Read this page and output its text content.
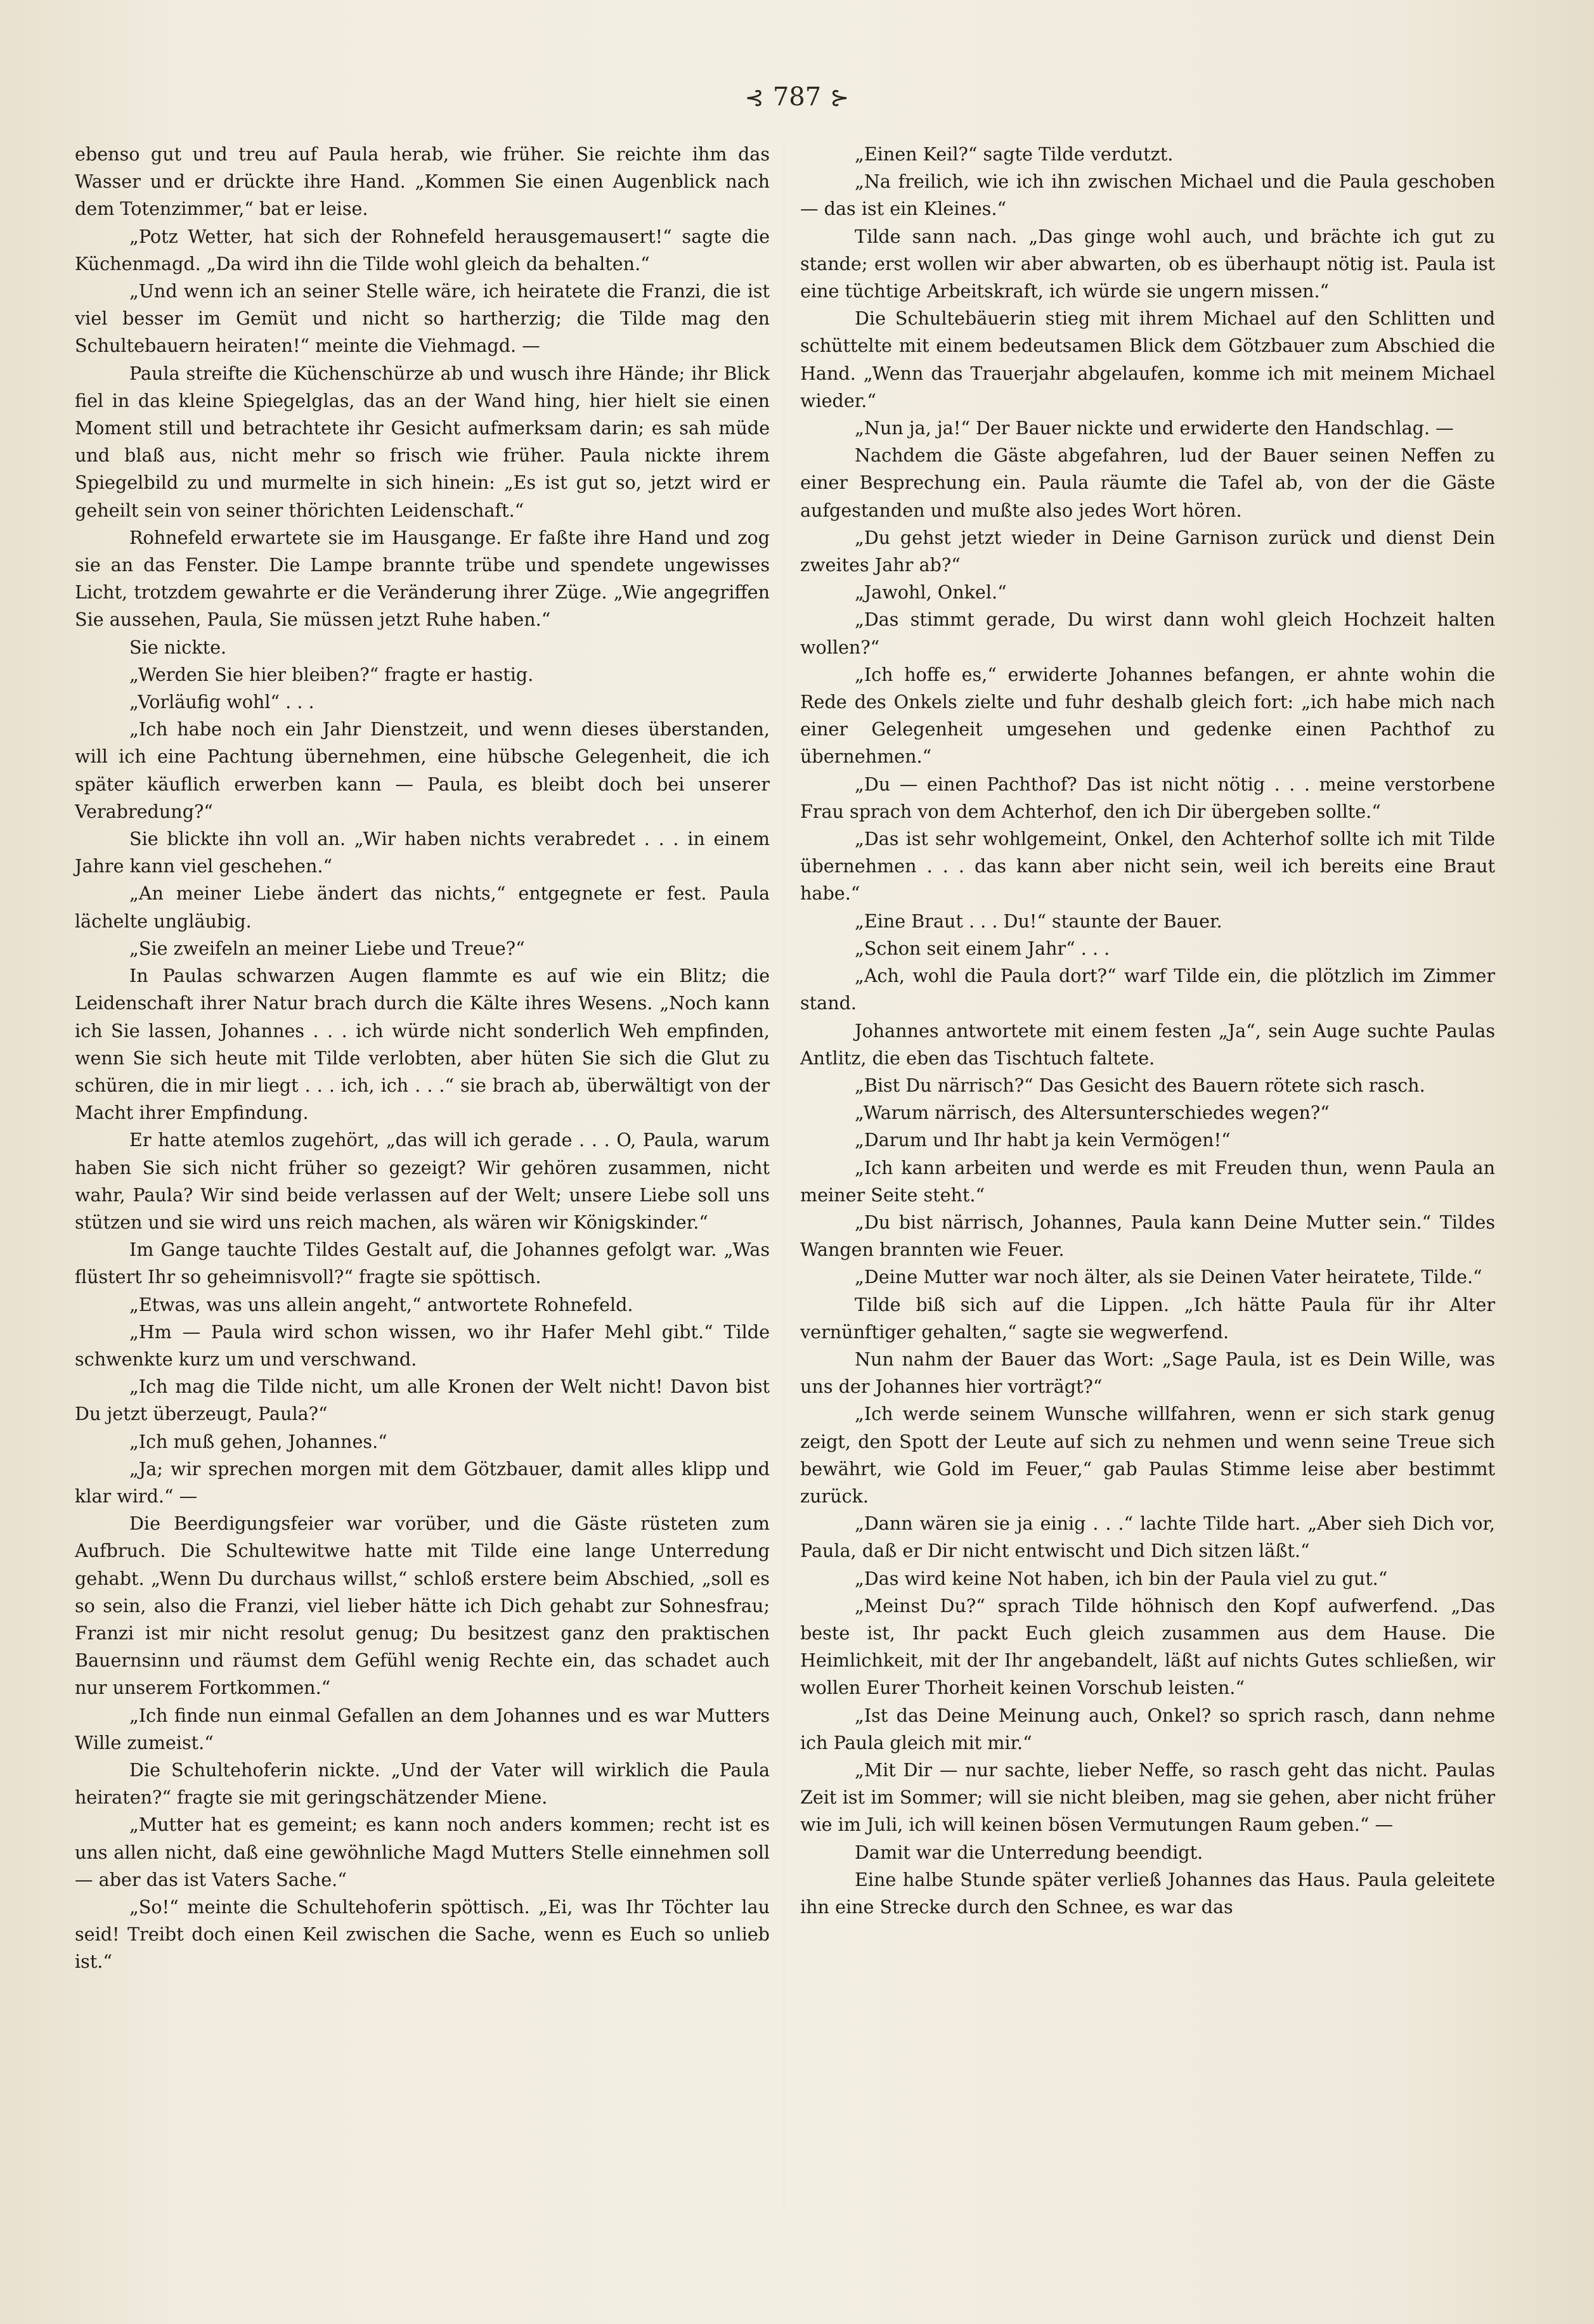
⊰ 787 ⊱

ebenso gut und treu auf Paula herab, wie früher. Sie reichte ihm das Wasser und er drückte ihre Hand. „Kommen Sie einen Augenblick nach dem Totenzimmer,“ bat er leise.

„Potz Wetter, hat sich der Rohnefeld herausgemausert!“ sagte die Küchenmagd. „Da wird ihn die Tilde wohl gleich da behalten.“

„Und wenn ich an seiner Stelle wäre, ich heiratete die Franzi, die ist viel besser im Gemüt und nicht so hartherzig; die Tilde mag den Schultebauern heiraten!“ meinte die Viehmagd. —

Paula streifte die Küchenschürze ab und wusch ihre Hände; ihr Blick fiel in das kleine Spiegelglas, das an der Wand hing, hier hielt sie einen Moment still und betrachtete ihr Gesicht aufmerksam darin; es sah müde und blaß aus, nicht mehr so frisch wie früher. Paula nickte ihrem Spiegelbild zu und murmelte in sich hinein: „Es ist gut so, jetzt wird er geheilt sein von seiner thörichten Leidenschaft.“

Rohnefeld erwartete sie im Hausgange. Er faßte ihre Hand und zog sie an das Fenster. Die Lampe brannte trübe und spendete ungewisses Licht, trotzdem gewahrte er die Veränderung ihrer Züge. „Wie angegriffen Sie aussehen, Paula, Sie müssen jetzt Ruhe haben.“

Sie nickte.

„Werden Sie hier bleiben?“ fragte er hastig.

„Vorläufig wohl“ . . .

„Ich habe noch ein Jahr Dienstzeit, und wenn dieses überstanden, will ich eine Pachtung übernehmen, eine hübsche Gelegenheit, die ich später käuflich erwerben kann — Paula, es bleibt doch bei unserer Verabredung?“

Sie blickte ihn voll an. „Wir haben nichts verabredet . . . in einem Jahre kann viel geschehen.“

„An meiner Liebe ändert das nichts,“ entgegnete er fest. Paula lächelte ungläubig.

„Sie zweifeln an meiner Liebe und Treue?“

In Paulas schwarzen Augen flammte es auf wie ein Blitz; die Leidenschaft ihrer Natur brach durch die Kälte ihres Wesens. „Noch kann ich Sie lassen, Johannes . . . ich würde nicht sonderlich Weh empfinden, wenn Sie sich heute mit Tilde verlobten, aber hüten Sie sich die Glut zu schüren, die in mir liegt . . . ich, ich . . .“ sie brach ab, überwältigt von der Macht ihrer Empfindung.

Er hatte atemlos zugehört, „das will ich gerade . . . O, Paula, warum haben Sie sich nicht früher so gezeigt? Wir gehören zusammen, nicht wahr, Paula? Wir sind beide verlassen auf der Welt; unsere Liebe soll uns stützen und sie wird uns reich machen, als wären wir Königskinder.“

Im Gange tauchte Tildes Gestalt auf, die Johannes gefolgt war. „Was flüstert Ihr so geheimnisvoll?“ fragte sie spöttisch.

„Etwas, was uns allein angeht,“ antwortete Rohnefeld.

„Hm — Paula wird schon wissen, wo ihr Hafer Mehl gibt.“ Tilde schwenkte kurz um und verschwand.

„Ich mag die Tilde nicht, um alle Kronen der Welt nicht! Davon bist Du jetzt überzeugt, Paula?“

„Ich muß gehen, Johannes.“

„Ja; wir sprechen morgen mit dem Götzbauer, damit alles klipp und klar wird.“ —

Die Beerdigungsfeier war vorüber, und die Gäste rüsteten zum Aufbruch. Die Schultewitwe hatte mit Tilde eine lange Unterredung gehabt. „Wenn Du durchaus willst,“ schloß erstere beim Abschied, „soll es so sein, also die Franzi, viel lieber hätte ich Dich gehabt zur Sohnesfrau; Franzi ist mir nicht resolut genug; Du besitzest ganz den praktischen Bauernsinn und räumst dem Gefühl wenig Rechte ein, das schadet auch nur unserem Fortkommen.“

„Ich finde nun einmal Gefallen an dem Johannes und es war Mutters Wille zumeist.“

Die Schultehoferin nickte. „Und der Vater will wirklich die Paula heiraten?“ fragte sie mit geringschätzender Miene.

„Mutter hat es gemeint; es kann noch anders kommen; recht ist es uns allen nicht, daß eine gewöhnliche Magd Mutters Stelle einnehmen soll — aber das ist Vaters Sache.“

„So!“ meinte die Schultehoferin spöttisch. „Ei, was Ihr Töchter lau seid! Treibt doch einen Keil zwischen die Sache, wenn es Euch so unlieb ist.“

„Einen Keil?“ sagte Tilde verdutzt.

„Na freilich, wie ich ihn zwischen Michael und die Paula geschoben — das ist ein Kleines.“

Tilde sann nach. „Das ginge wohl auch, und brächte ich gut zu stande; erst wollen wir aber abwarten, ob es überhaupt nötig ist. Paula ist eine tüchtige Arbeitskraft, ich würde sie ungern missen.“

Die Schultebäuerin stieg mit ihrem Michael auf den Schlitten und schüttelte mit einem bedeutsamen Blick dem Götzbauer zum Abschied die Hand. „Wenn das Trauerjahr abgelaufen, komme ich mit meinem Michael wieder.“

„Nun ja, ja!“ Der Bauer nickte und erwiderte den Handschlag. —

Nachdem die Gäste abgefahren, lud der Bauer seinen Neffen zu einer Besprechung ein. Paula räumte die Tafel ab, von der die Gäste aufgestanden und mußte also jedes Wort hören.

„Du gehst jetzt wieder in Deine Garnison zurück und dienst Dein zweites Jahr ab?“

„Jawohl, Onkel.“

„Das stimmt gerade, Du wirst dann wohl gleich Hochzeit halten wollen?“

„Ich hoffe es,“ erwiderte Johannes befangen, er ahnte wohin die Rede des Onkels zielte und fuhr deshalb gleich fort: „ich habe mich nach einer Gelegenheit umgesehen und gedenke einen Pachthof zu übernehmen.“

„Du — einen Pachthof? Das ist nicht nötig . . . meine verstorbene Frau sprach von dem Achterhof, den ich Dir übergeben sollte.“

„Das ist sehr wohlgemeint, Onkel, den Achterhof sollte ich mit Tilde übernehmen . . . das kann aber nicht sein, weil ich bereits eine Braut habe.“

„Eine Braut . . . Du!“ staunte der Bauer.

„Schon seit einem Jahr“ . . .

„Ach, wohl die Paula dort?“ warf Tilde ein, die plötzlich im Zimmer stand.

Johannes antwortete mit einem festen „Ja“, sein Auge suchte Paulas Antlitz, die eben das Tischtuch faltete.

„Bist Du närrisch?“ Das Gesicht des Bauern rötete sich rasch.

„Warum närrisch, des Altersunterschiedes wegen?“

„Darum und Ihr habt ja kein Vermögen!“

„Ich kann arbeiten und werde es mit Freuden thun, wenn Paula an meiner Seite steht.“

„Du bist närrisch, Johannes, Paula kann Deine Mutter sein.“ Tildes Wangen brannten wie Feuer.

„Deine Mutter war noch älter, als sie Deinen Vater heiratete, Tilde.“

Tilde biß sich auf die Lippen. „Ich hätte Paula für ihr Alter vernünftiger gehalten,“ sagte sie wegwerfend.

Nun nahm der Bauer das Wort: „Sage Paula, ist es Dein Wille, was uns der Johannes hier vorträgt?“

„Ich werde seinem Wunsche willfahren, wenn er sich stark genug zeigt, den Spott der Leute auf sich zu nehmen und wenn seine Treue sich bewährt, wie Gold im Feuer,“ gab Paulas Stimme leise aber bestimmt zurück.

„Dann wären sie ja einig . . .“ lachte Tilde hart. „Aber sieh Dich vor, Paula, daß er Dir nicht entwischt und Dich sitzen läßt.“

„Das wird keine Not haben, ich bin der Paula viel zu gut.“

„Meinst Du?“ sprach Tilde höhnisch den Kopf aufwerfend. „Das beste ist, Ihr packt Euch gleich zusammen aus dem Hause. Die Heimlichkeit, mit der Ihr angebandelt, läßt auf nichts Gutes schließen, wir wollen Eurer Thorheit keinen Vorschub leisten.“

„Ist das Deine Meinung auch, Onkel? so sprich rasch, dann nehme ich Paula gleich mit mir.“

„Mit Dir — nur sachte, lieber Neffe, so rasch geht das nicht. Paulas Zeit ist im Sommer; will sie nicht bleiben, mag sie gehen, aber nicht früher wie im Juli, ich will keinen bösen Vermutungen Raum geben.“ —

Damit war die Unterredung beendigt.

Eine halbe Stunde später verließ Johannes das Haus. Paula geleitete ihn eine Strecke durch den Schnee, es war das
